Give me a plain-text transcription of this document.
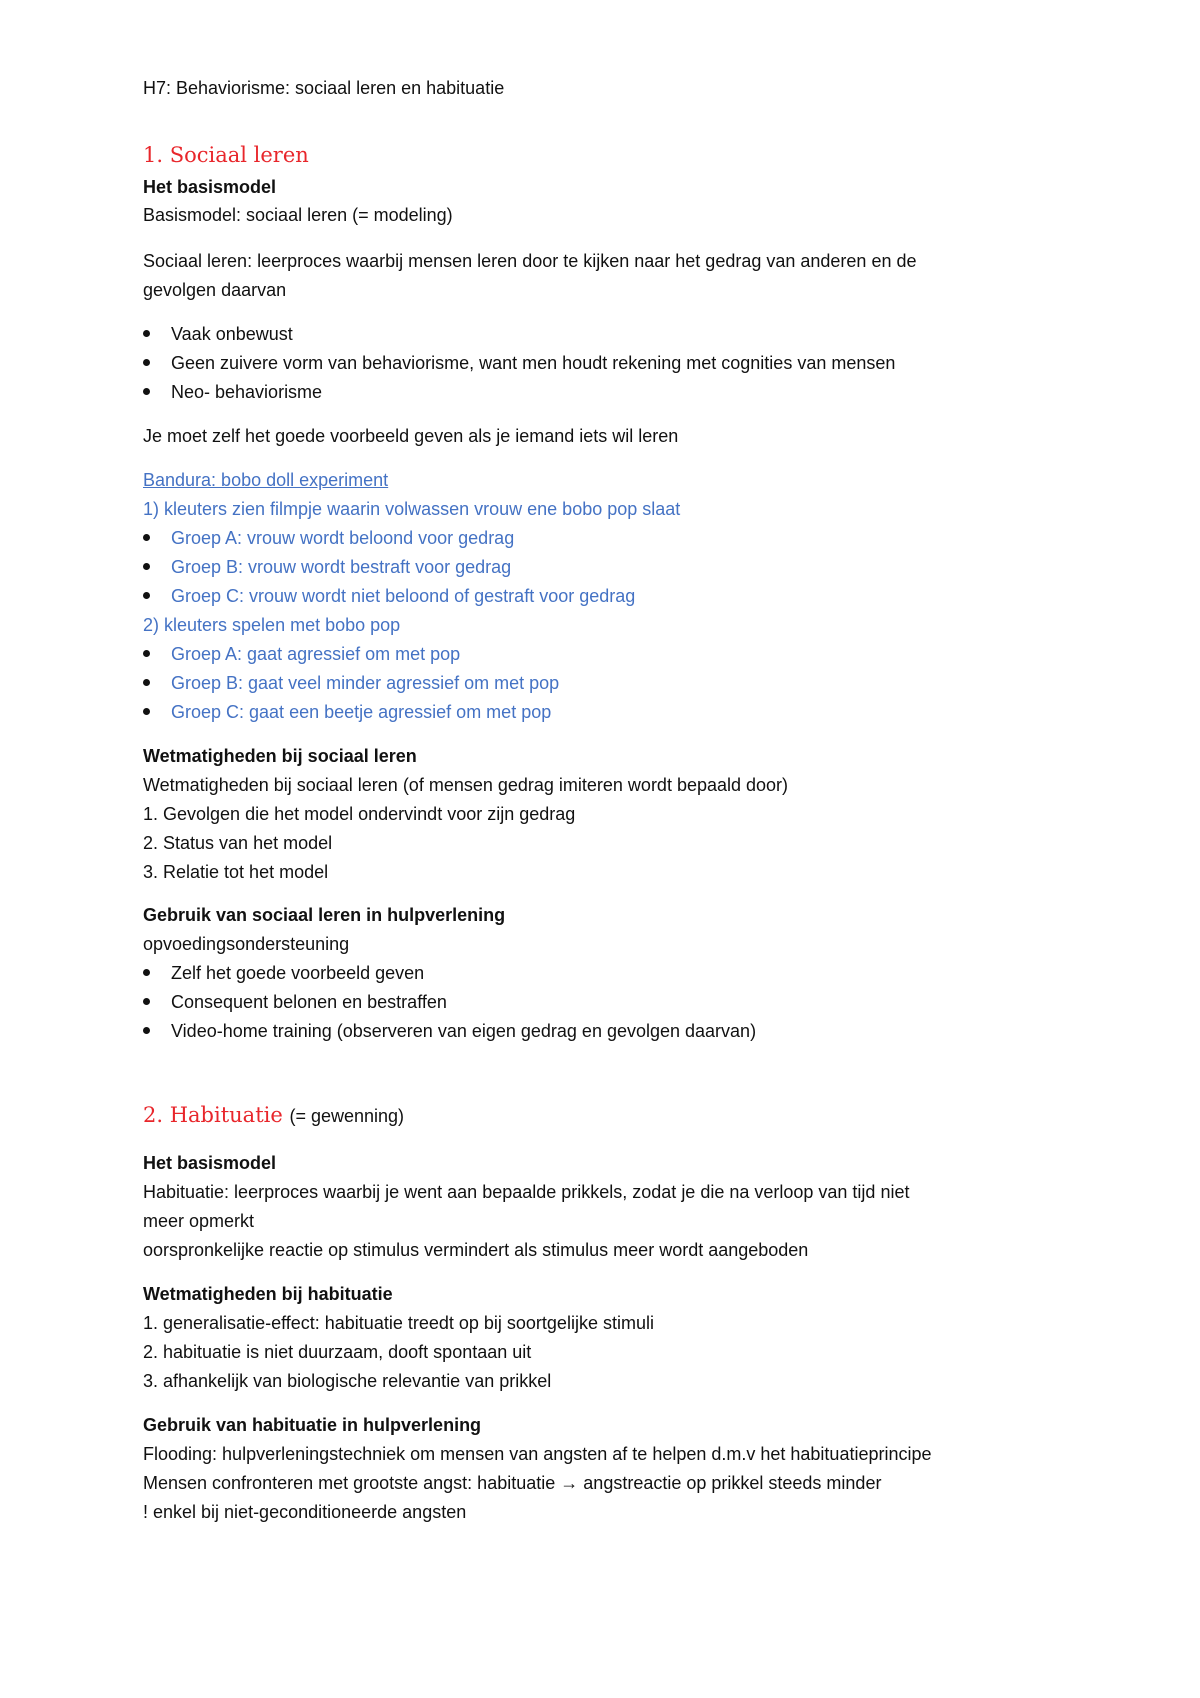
H7: Behaviorisme: sociaal leren en habituatie
1. Sociaal leren
Het basismodel
Basismodel: sociaal leren (= modeling)
Sociaal leren: leerproces waarbij mensen leren door te kijken naar het gedrag van anderen en de
gevolgen daarvan
Vaak onbewust
Geen zuivere vorm van behaviorisme, want men houdt rekening met cognities van mensen
Neo- behaviorisme
Je moet zelf het goede voorbeeld geven als je iemand iets wil leren
Bandura: bobo doll experiment
1) kleuters zien filmpje waarin volwassen vrouw ene bobo pop slaat
Groep A: vrouw wordt beloond voor gedrag
Groep B: vrouw wordt bestraft voor gedrag
Groep C: vrouw wordt niet beloond of gestraft voor gedrag
2) kleuters spelen met bobo pop
Groep A: gaat agressief om met pop
Groep B: gaat veel minder agressief om met pop
Groep C: gaat een beetje agressief om met pop
Wetmatigheden bij sociaal leren
Wetmatigheden bij sociaal leren (of mensen gedrag imiteren wordt bepaald door)
1. Gevolgen die het model ondervindt voor zijn gedrag
2. Status van het model
3. Relatie tot het model
Gebruik van sociaal leren in hulpverlening
opvoedingsondersteuning
Zelf het goede voorbeeld geven
Consequent belonen en bestraffen
Video-home training (observeren van eigen gedrag en gevolgen daarvan)
2. Habituatie (= gewenning)
Het basismodel
Habituatie: leerproces waarbij je went aan bepaalde prikkels, zodat je die na verloop van tijd niet
meer opmerkt
oorspronkelijke reactie op stimulus vermindert als stimulus meer wordt aangeboden
Wetmatigheden bij habituatie
1. generalisatie-effect: habituatie treedt op bij soortgelijke stimuli
2. habituatie is niet duurzaam, dooft spontaan uit
3. afhankelijk van biologische relevantie van prikkel
Gebruik van habituatie in hulpverlening
Flooding: hulpverleningstechniek om mensen van angsten af te helpen d.m.v het habituatieprincipe
Mensen confronteren met grootste angst: habituatie → angstreactie op prikkel steeds minder
! enkel bij niet-geconditioneerde angsten
